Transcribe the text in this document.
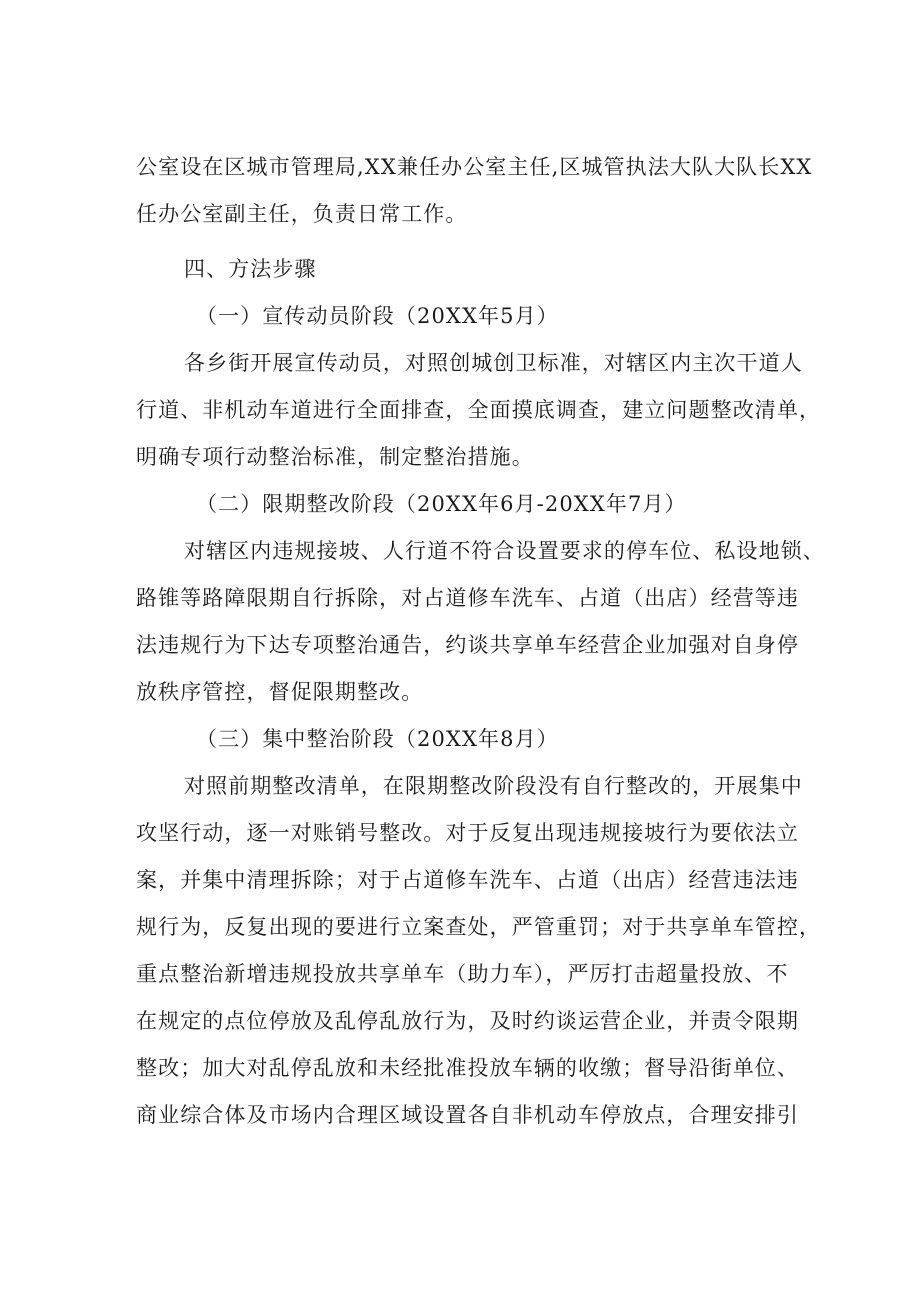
公室设在区城市管理局,XX兼任办公室主任,区城管执法大队大队长XX
任办公室副主任，负责日常工作。
四、方法步骤
（一）宣传动员阶段（20XX年5月）
各乡街开展宣传动员，对照创城创卫标准，对辖区内主次干道人
行道、非机动车道进行全面排查，全面摸底调查，建立问题整改清单，
明确专项行动整治标准，制定整治措施。
（二）限期整改阶段（20XX年6月-20XX年7月）
对辖区内违规接坡、人行道不符合设置要求的停车位、私设地锁、
路锥等路障限期自行拆除，对占道修车洗车、占道（出店）经营等违
法违规行为下达专项整治通告，约谈共享单车经营企业加强对自身停
放秩序管控，督促限期整改。
（三）集中整治阶段（20XX年8月）
对照前期整改清单，在限期整改阶段没有自行整改的，开展集中
攻坚行动，逐一对账销号整改。对于反复出现违规接坡行为要依法立
案，并集中清理拆除；对于占道修车洗车、占道（出店）经营违法违
规行为，反复出现的要进行立案查处，严管重罚；对于共享单车管控，
重点整治新增违规投放共享单车（助力车），严厉打击超量投放、不
在规定的点位停放及乱停乱放行为，及时约谈运营企业，并责令限期
整改；加大对乱停乱放和未经批准投放车辆的收缴；督导沿街单位、
商业综合体及市场内合理区域设置各自非机动车停放点，合理安排引
